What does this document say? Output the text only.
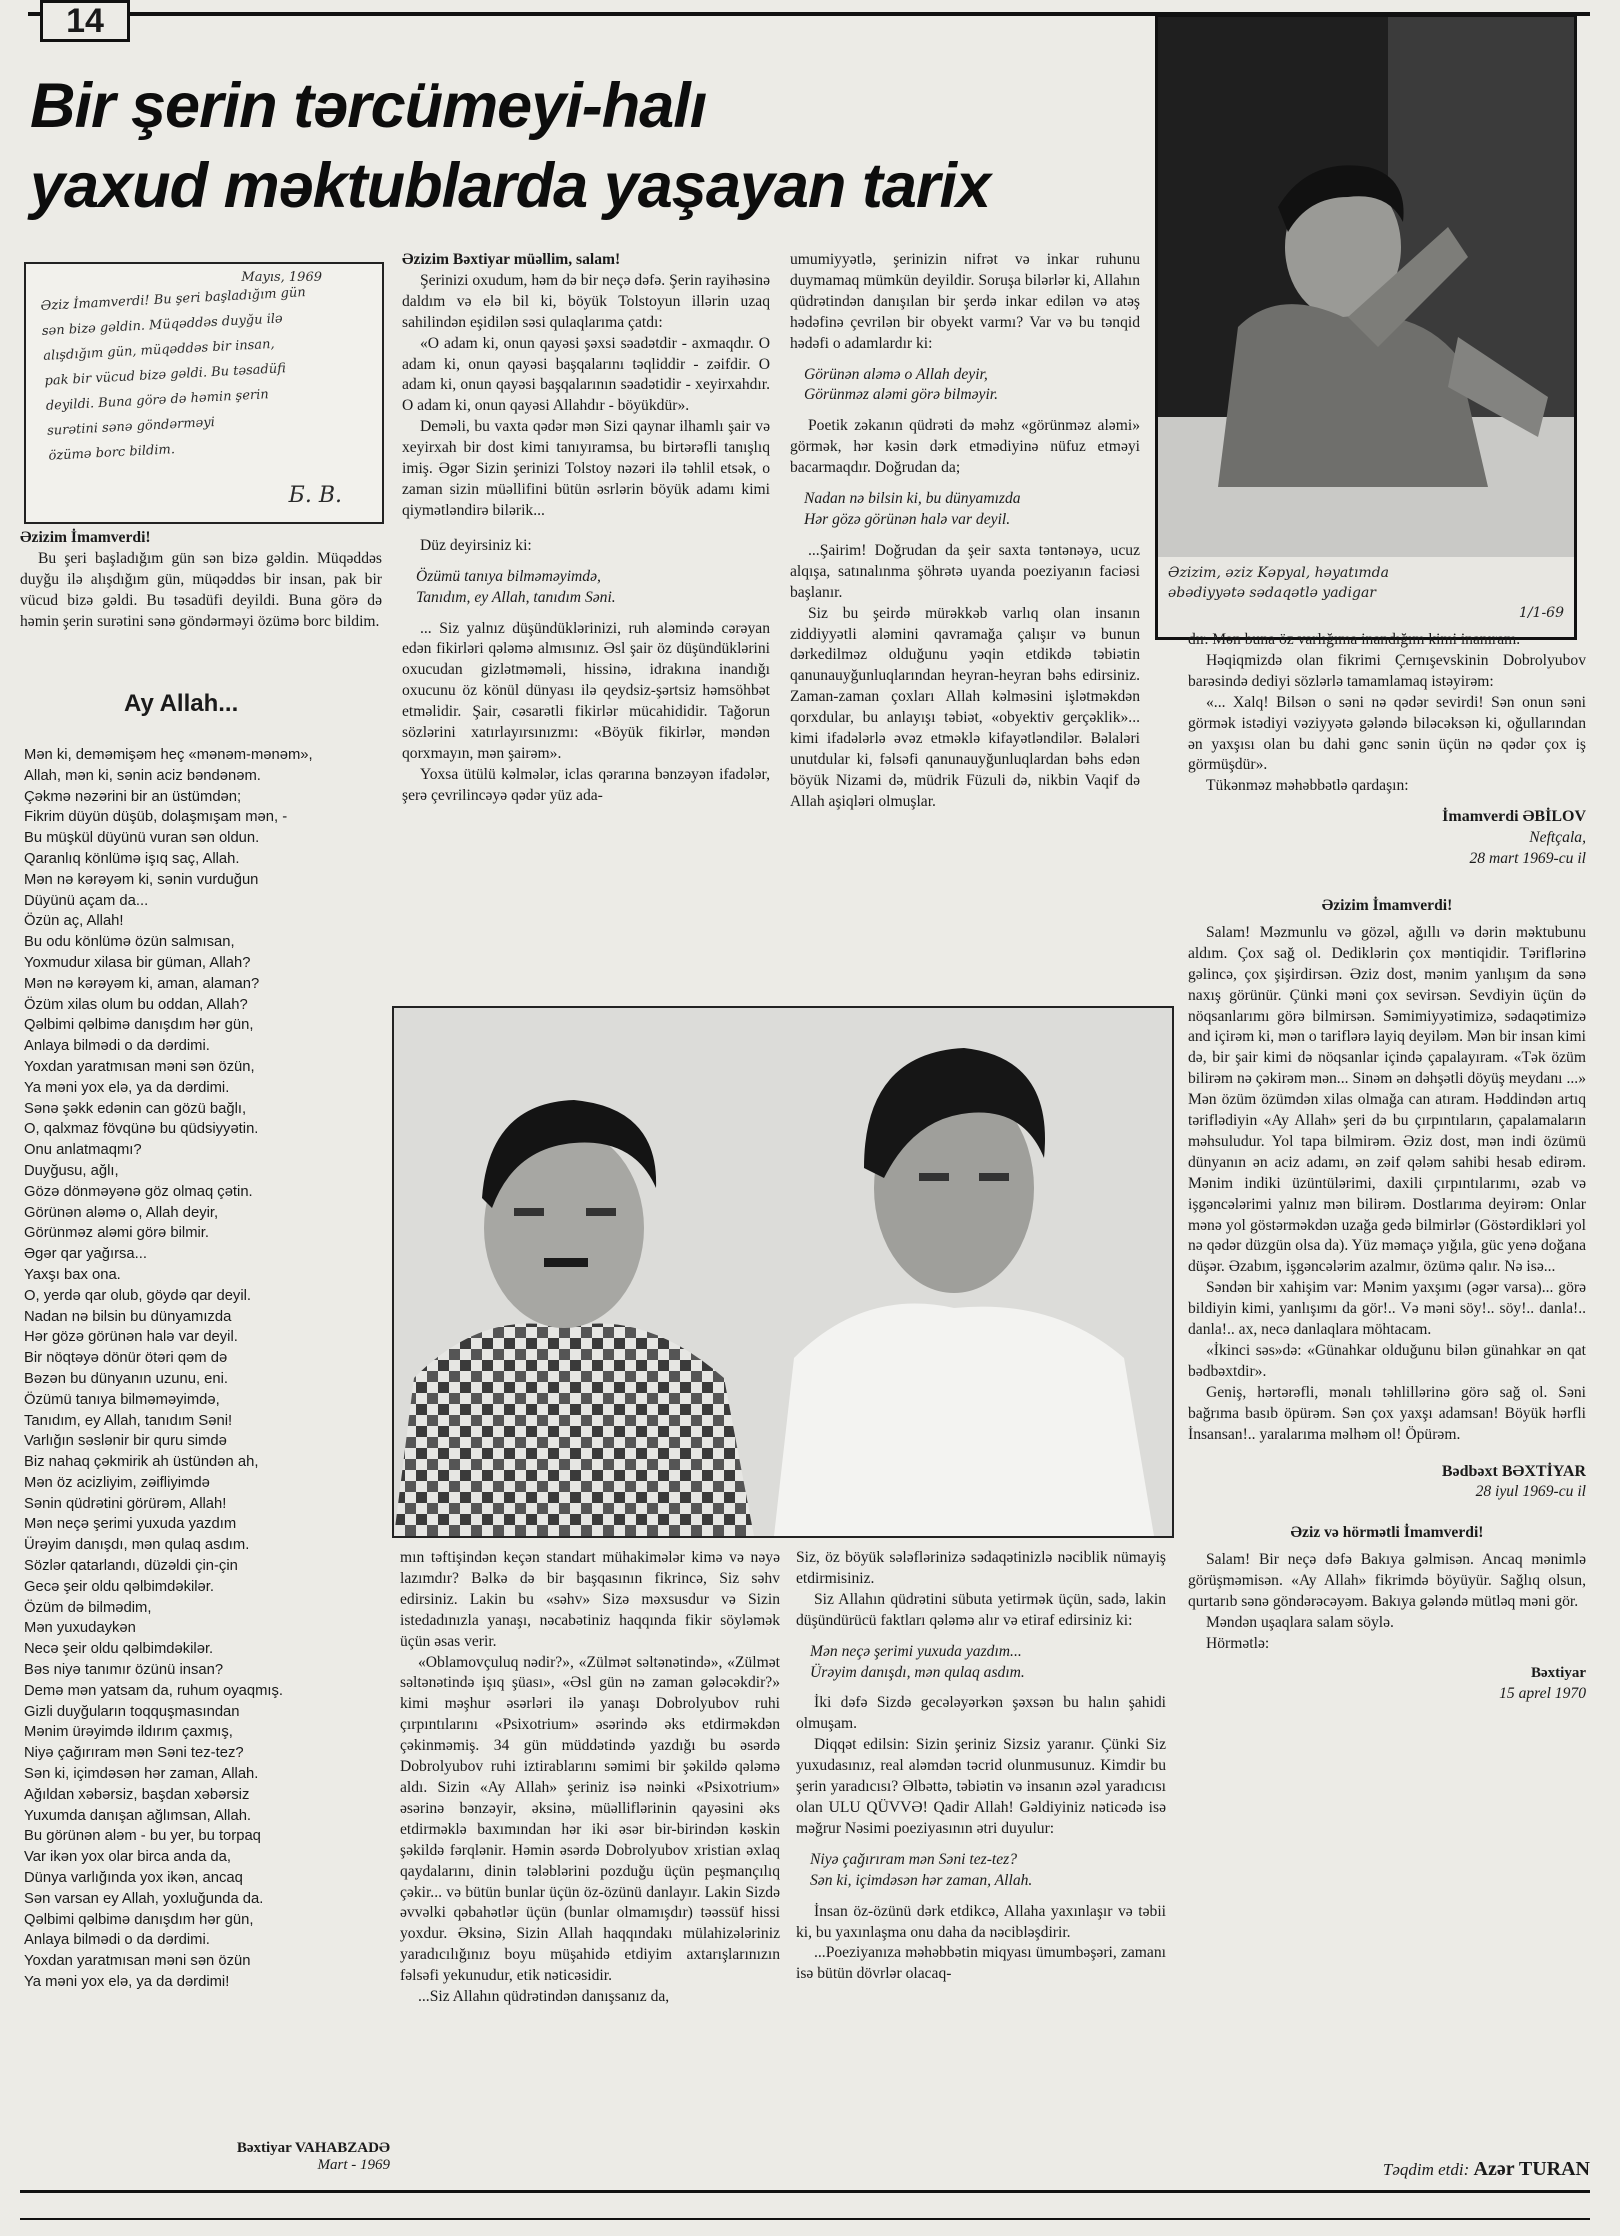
14
Bir şerin tərcümeyi-halı
yaxud məktublarda yaşayan tarix
Əzizim, əziz Kəpyal, həyatımda
əbədiyyətə sədaqətlə yadigar
1/1-69
Mayıs, 1969
Əziz İmamverdi! Bu şeri başladığım gün
sən bizə gəldin. Müqəddəs duyğu ilə
alışdığım gün, müqəddəs bir insan,
pak bir vücud bizə gəldi. Bu təsadüfi
deyildi. Buna görə də həmin şerin
surətini sənə göndərməyi
özümə borc bildim.
Б. В.

Əzizim İmamverdi!

Bu şeri başladığım gün sən bizə gəldin. Müqəddəs duyğu ilə alışdığım gün, müqəddəs bir insan, pak bir vücud bizə gəldi. Bu təsadüfi deyildi. Buna görə də həmin şerin surətini sənə göndərməyi özümə borc bildim.

Ay Allah...
Mən ki, deməmişəm heç «mənəm-mənəm»,
Allah, mən ki, sənin aciz bəndənəm.
Çəkmə nəzərini bir an üstümdən;
Fikrim düyün düşüb, dolaşmışam mən, -
Bu müşkül düyünü vuran sən oldun.
Qaranlıq könlümə işıq saç, Allah.
Mən nə kərəyəm ki, sənin vurduğun
Düyünü açam da...
Özün aç, Allah!
Bu odu könlümə özün salmısan,
Yoxmudur xilasa bir güman, Allah?
Mən nə kərəyəm ki, aman, alaman?
Özüm xilas olum bu oddan, Allah?
Qəlbimi qəlbimə danışdım hər gün,
Anlaya bilmədi o da dərdimi.
Yoxdan yaratmısan məni sən özün,
Ya məni yox elə, ya da dərdimi.
Sənə şəkk edənin can gözü bağlı,
O, qalxmaz fövqünə bu qüdsiyyətin.
Onu anlatmaqmı?
Duyğusu, ağlı,
Gözə dönməyənə göz olmaq çətin.
Görünən aləmə o, Allah deyir,
Görünməz aləmi görə bilmir.
Əgər qar yağırsa...
Yaxşı bax ona.
O, yerdə qar olub, göydə qar deyil.
Nadan nə bilsin bu dünyamızda
Hər gözə görünən halə var deyil.
Bir nöqtəyə dönür ötəri qəm də
Bəzən bu dünyanın uzunu, eni.
Özümü tanıya bilməməyimdə,
Tanıdım, ey Allah, tanıdım Səni!
Varlığın səslənir bir quru simdə
Biz nahaq çəkmirik ah üstündən ah,
Mən öz acizliyim, zəifliyimdə
Sənin qüdrətini görürəm, Allah!
Mən neçə şerimi yuxuda yazdım
Ürəyim danışdı, mən qulaq asdım.
Sözlər qatarlandı, düzəldi çin-çin
Gecə şeir oldu qəlbimdəkilər.
Özüm də bilmədim,
Mən yuxudaykən
Necə şeir oldu qəlbimdəkilər.
Bəs niyə tanımır özünü insan?
Demə mən yatsam da, ruhum oyaqmış.
Gizli duyğuların toqquşmasından
Mənim ürəyimdə ildırım çaxmış,
Niyə çağırıram mən Səni tez-tez?
Sən ki, içimdəsən hər zaman, Allah.
Ağıldan xəbərsiz, başdan xəbərsiz
Yuxumda danışan ağlımsan, Allah.
Bu görünən aləm - bu yer, bu torpaq
Var ikən yox olar birca anda da,
Dünya varlığında yox ikən, ancaq
Sən varsan ey Allah, yoxluğunda da.
Qəlbimi qəlbimə danışdım hər gün,
Anlaya bilmədi o da dərdimi.
Yoxdan yaratmısan məni sən özün
Ya məni yox elə, ya da dərdimi!
Bəxtiyar VAHABZADƏ
Mart - 1969

Əzizim Bəxtiyar müəllim, salam!

Şerinizi oxudum, həm də bir neçə dəfə. Şerin rayihəsinə daldım və elə bil ki, böyük Tolstoyun illərin uzaq sahilindən eşidilən səsi qulaqlarıma çatdı:

«O adam ki, onun qayəsi şəxsi səadətdir - axmaqdır. O adam ki, onun qayəsi başqalarını təqliddir - zəifdir. O adam ki, onun qayəsi başqalarının səadətidir - xeyirxahdır. O adam ki, onun qayəsi Allahdır - böyükdür».

Deməli, bu vaxta qədər mən Sizi qaynar ilhamlı şair və xeyirxah bir dost kimi tanıyıramsa, bu birtərəfli tanışlıq imiş. Əgər Sizin şerinizi Tolstoy nəzəri ilə təhlil etsək, o zaman sizin müəllifini bütün əsrlərin böyük adamı kimi qiymətləndirə bilərik...

Düz deyirsiniz ki:

Özümü tanıya bilməməyimdə,
Tanıdım, ey Allah, tanıdım Səni.

... Siz yalnız düşündüklərinizi, ruh aləmində cərəyan edən fikirləri qələmə almısınız. Əsl şair öz düşündüklərini oxucudan gizlətməməli, hissinə, idrakına inandığı oxucunu öz könül dünyası ilə qeydsiz-şərtsiz həmsöhbət etməlidir. Şair, cəsarətli fikirlər mücahididir. Tağorun sözlərini xatırlayırsınızmı: «Böyük fikirlər, məndən qorxmayın, mən şairəm».

Yoxsa ütülü kəlmələr, iclas qərarına bənzəyən ifadələr, şerə çevrilincəyə qədər yüz ada-

umumiyyətlə, şerinizin nifrət və inkar ruhunu duymamaq mümkün deyildir. Soruşa bilərlər ki, Allahın qüdrətindən danışılan bir şerdə inkar edilən və atəş hədəfinə çevrilən bir obyekt varmı? Var və bu tənqid hədəfi o adamlardır ki:

Görünən aləmə o Allah deyir,
Görünməz aləmi görə bilməyir.

Poetik zəkanın qüdrəti də məhz «görünməz aləmi» görmək, hər kəsin dərk etmədiyinə nüfuz etməyi bacarmaqdır. Doğrudan da;

Nadan nə bilsin ki, bu dünyamızda
Hər gözə görünən halə var deyil.

...Şairim! Doğrudan da şeir saxta təntənəyə, ucuz alqışa, satınalınma şöhrətə uyanda poeziyanın faciəsi başlanır.

Siz bu şeirdə mürəkkəb varlıq olan insanın ziddiyyətli aləmini qavramağa çalışır və bunun dərkedilməz olduğunu yəqin etdikdə təbiətin qanunauyğunluqlarından heyran-heyran bəhs edirsiniz. Zaman-zaman çoxları Allah kəlməsini işlətməkdən qorxdular, bu anlayışı təbiət, «obyektiv gerçəklik»... kimi ifadələrlə əvəz etməklə kifayətləndilər. Bəlaləri unutdular ki, fəlsəfi qanunauyğunluqlardan bəhs edən böyük Nizami də, müdrik Füzuli də, nikbin Vaqif də Allah aşiqləri olmuşlar.

dır. Mən buna öz varlığıma inandığım kimi inanıram.

Həqiqmizdə olan fikrimi Çernışevskinin Dobrolyubov barəsində dediyi sözlərlə tamamlamaq istəyirəm:

«... Xalq! Bilsən o səni nə qədər sevirdi! Sən onun səni görmək istədiyi vəziyyətə gələndə biləcəksən ki, oğullarından ən yaxşısı olan bu dahi gənc sənin üçün nə qədər çox iş görmüşdür».

Tükənməz məhəbbətlə qardaşın:

İmamverdi ƏBİLOV
Neftçala,
28 mart 1969-cu il

Əzizim İmamverdi!

Salam! Məzmunlu və gözəl, ağıllı və dərin məktubunu aldım. Çox sağ ol. Dediklərin çox məntiqidir. Təriflərinə gəlincə, çox şişirdirsən. Əziz dost, mənim yanlışım da sənə naxış görünür. Çünki məni çox sevirsən. Sevdiyin üçün də nöqsanlarımı görə bilmirsən. Səmimiyyətimizə, sədaqətimizə and içirəm ki, mən o tariflərə layiq deyiləm. Mən bir insan kimi də, bir şair kimi də nöqsanlar içində çapalayıram. «Tək özüm bilirəm nə çəkirəm mən... Sinəm ən dəhşətli döyüş meydanı ...» Mən özüm özümdən xilas olmağa can atıram. Həddindən artıq təriflədiyin «Ay Allah» şeri də bu çırpıntıların, çapalamaların məhsuludur. Yol tapa bilmirəm. Əziz dost, mən indi özümü dünyanın ən aciz adamı, ən zəif qələm sahibi hesab edirəm. Mənim indiki üzüntülərimi, daxili çırpıntılarımı, əzab və işgəncələrimi yalnız mən bilirəm. Dostlarıma deyirəm: Onlar mənə yol göstərməkdən uzağa gedə bilmirlər (Göstərdikləri yol nə qədər düzgün olsa da). Yüz məmaçə yığıla, güc yenə doğana düşər. Əzabım, işgəncələrim azalmır, özümə qalır. Nə isə...

Səndən bir xahişim var: Mənim yaxşımı (əgər varsa)... görə bildiyin kimi, yanlışımı da gör!.. Və məni söy!.. söy!.. danla!.. danla!.. ax, necə danlaqlara möhtacam.

«İkinci səs»də: «Günahkar olduğunu bilən günahkar ən qat bədbəxtdir».

Geniş, hərtərəfli, mənalı təhlillərinə görə sağ ol. Səni bağrıma basıb öpürəm. Sən çox yaxşı adamsan! Böyük hərfli İnsansan!.. yaralarıma məlhəm ol! Öpürəm.

Bədbəxt BƏXTİYAR
28 iyul 1969-cu il

Əziz və hörmətli İmamverdi!

Salam! Bir neçə dəfə Bakıya gəlmisən. Ancaq mənimlə görüşməmisən. «Ay Allah» fikrimdə böyüyür. Sağlıq olsun, qurtarıb sənə göndərəcəyəm. Bakıya gələndə mütləq məni gör.

Məndən uşaqlara salam söylə.

Hörmətlə:

Bəxtiyar
15 aprel 1970

mın təftişindən keçən standart mühakimələr kimə və nəyə lazımdır? Bəlkə də bir başqasının fikrincə, Siz səhv edirsiniz. Lakin bu «səhv» Sizə məxsusdur və Sizin istedadınızla yanaşı, nəcabətiniz haqqında fikir söyləmək üçün əsas verir.

«Oblamovçuluq nədir?», «Zülmət səltənətində», «Zülmət səltənətində işıq şüası», «Əsl gün nə zaman gələcəkdir?» kimi məşhur əsərləri ilə yanaşı Dobrolyubov ruhi çırpıntılarını «Psixotrium» əsərində əks etdirməkdən çəkinməmiş. 34 gün müddətində yazdığı bu əsərdə Dobrolyubov ruhi iztirablarını səmimi bir şəkildə qələmə aldı. Sizin «Ay Allah» şeriniz isə nəinki «Psixotrium» əsərinə bənzəyir, əksinə, müəlliflərinin qayəsini əks etdirməklə baxımından hər iki əsər bir-birindən kəskin şəkildə fərqlənir. Həmin əsərdə Dobrolyubov xristian əxlaq qaydalarını, dinin tələblərini pozduğu üçün peşmançılıq çəkir... və bütün bunlar üçün öz-özünü danlayır. Lakin Sizdə əvvəlki qəbahətlər üçün (bunlar olmamışdır) təəssüf hissi yoxdur. Əksinə, Sizin Allah haqqındakı mülahizələriniz yaradıcılığınız boyu müşahidə etdiyim axtarışlarınızın fəlsəfi yekunudur, etik nəticəsidir.

...Siz Allahın qüdrətindən danışsanız da,

Siz, öz böyük sələflərinizə sədaqətinizlə nəciblik nümayiş etdirmisiniz.

Siz Allahın qüdrətini sübuta yetirmək üçün, sadə, lakin düşündürücü faktları qələmə alır və etiraf edirsiniz ki:

Mən neçə şerimi yuxuda yazdım...
Ürəyim danışdı, mən qulaq asdım.

İki dəfə Sizdə gecələyərkən şəxsən bu halın şahidi olmuşam.

Diqqət edilsin: Sizin şeriniz Sizsiz yaranır. Çünki Siz yuxudasınız, real aləmdən təcrid olunmusunuz. Kimdir bu şerin yaradıcısı? Əlbəttə, təbiətin və insanın əzəl yaradıcısı olan ULU QÜVVƏ! Qadir Allah! Gəldiyiniz nəticədə isə məğrur Nəsimi poeziyasının ətri duyulur:

Niyə çağırıram mən Səni tez-tez?
Sən ki, içimdəsən hər zaman, Allah.

İnsan öz-özünü dərk etdikcə, Allaha yaxınlaşır və təbii ki, bu yaxınlaşma onu daha da nəcibləşdirir.

...Poeziyanıza məhəbbətin miqyası ümumbəşəri, zamanı isə bütün dövrlər olacaq-

Təqdim etdi: Azər TURAN
